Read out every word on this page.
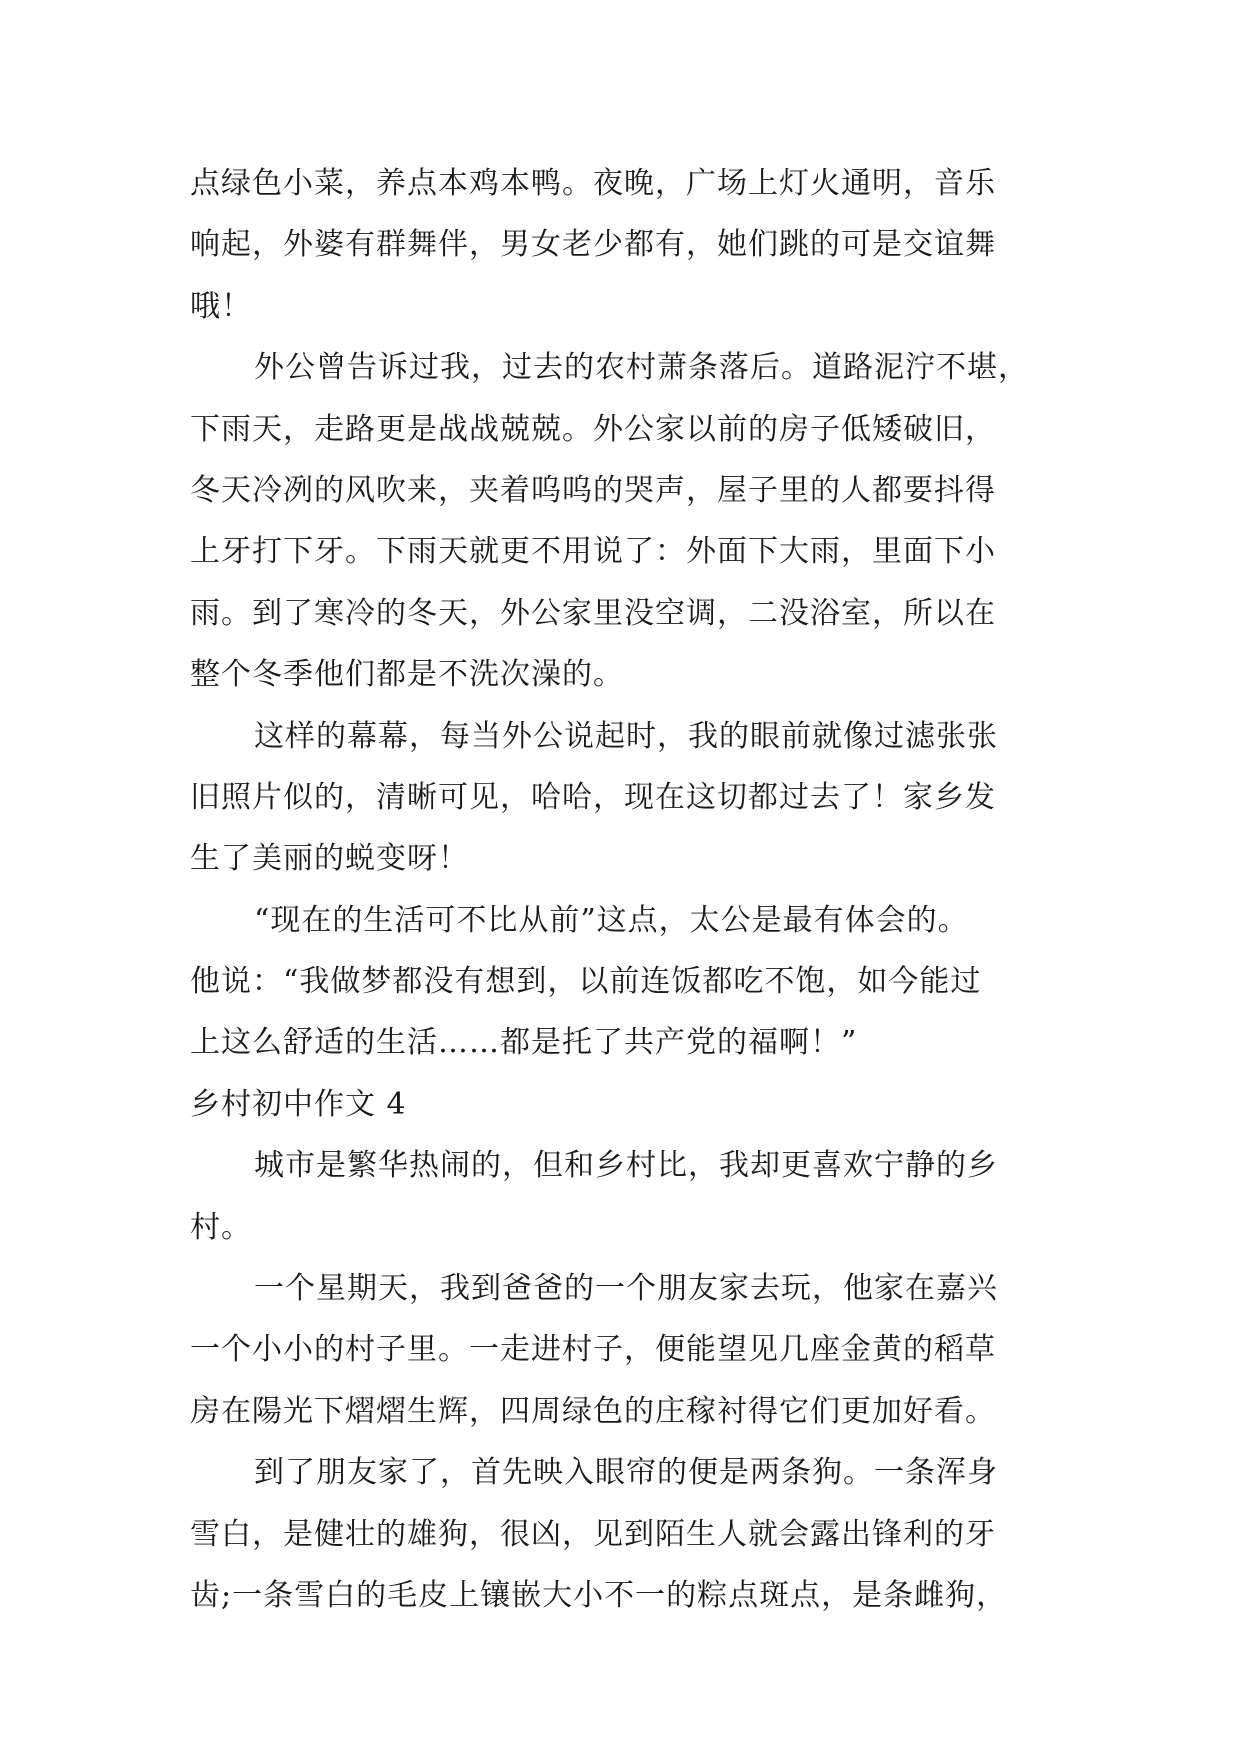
点绿色小菜，养点本鸡本鸭。夜晚，广场上灯火通明，音乐
响起，外婆有群舞伴，男女老少都有，她们跳的可是交谊舞
哦！
外公曾告诉过我，过去的农村萧条落后。道路泥泞不堪，
下雨天，走路更是战战兢兢。外公家以前的房子低矮破旧，
冬天冷冽的风吹来，夹着呜呜的哭声，屋子里的人都要抖得
上牙打下牙。下雨天就更不用说了：外面下大雨，里面下小
雨。到了寒冷的冬天，外公家里没空调，二没浴室，所以在
整个冬季他们都是不洗次澡的。
这样的幕幕，每当外公说起时，我的眼前就像过滤张张
旧照片似的，清晰可见，哈哈，现在这切都过去了！家乡发
生了美丽的蜕变呀！
“现在的生活可不比从前”这点，太公是最有体会的。
他说：“我做梦都没有想到，以前连饭都吃不饱，如今能过
上这么舒适的生活……都是托了共产党的福啊！”
乡村初中作文 4
城市是繁华热闹的，但和乡村比，我却更喜欢宁静的乡
村。
一个星期天，我到爸爸的一个朋友家去玩，他家在嘉兴
一个小小的村子里。一走进村子，便能望见几座金黄的稻草
房在陽光下熠熠生辉，四周绿色的庄稼衬得它们更加好看。
到了朋友家了，首先映入眼帘的便是两条狗。一条浑身
雪白，是健壮的雄狗，很凶，见到陌生人就会露出锋利的牙
齿;一条雪白的毛皮上镶嵌大小不一的粽点斑点，是条雌狗，
